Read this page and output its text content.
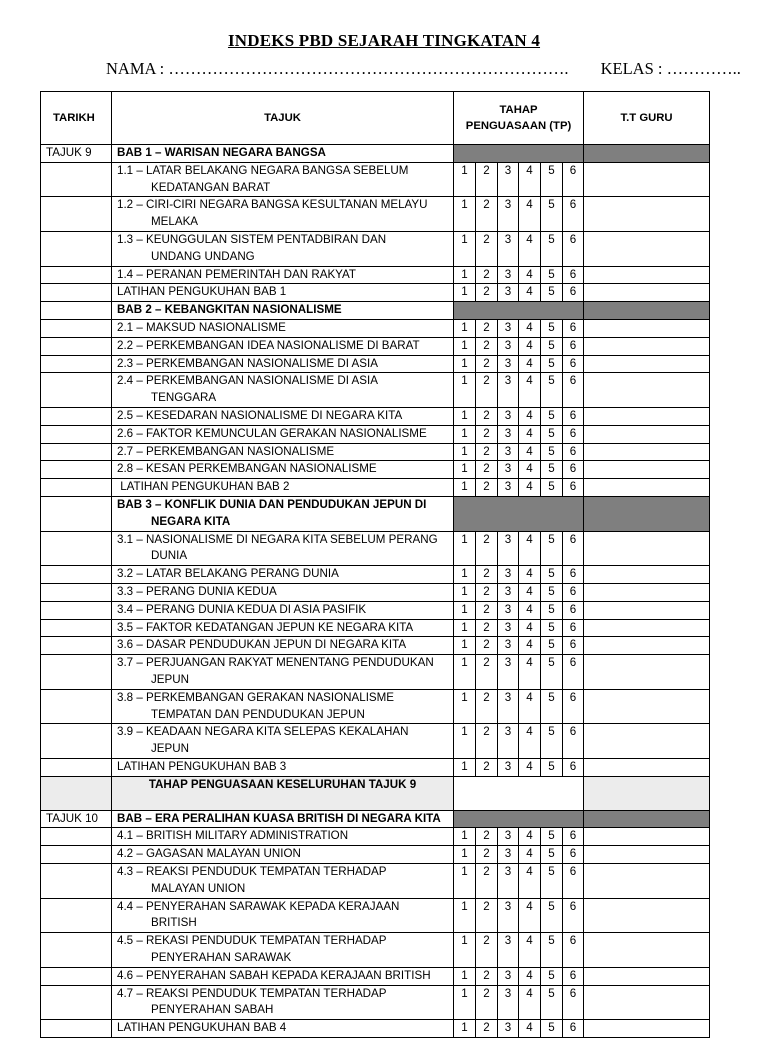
INDEKS PBD SEJARAH TINGKATAN 4
NAMA : ………………………………………………………………. KELAS : …………..
TARIKH	TAJUK	TAHAP
PENGUASAAN (TP)						T.T GURU
TAJUK 9	BAB 1 – WARISAN NEGARA BANGSA							
	1.1 – LATAR BELAKANG NEGARA BANGSA SEBELUM
KEDATANGAN BARAT	1	2	3	4	5	6	
	1.2 – CIRI-CIRI NEGARA BANGSA KESULTANAN MELAYU
MELAKA	1	2	3	4	5	6	
	1.3 – KEUNGGULAN SISTEM PENTADBIRAN DAN
UNDANG UNDANG	1	2	3	4	5	6	
	1.4 – PERANAN PEMERINTAH DAN RAKYAT	1	2	3	4	5	6	
	LATIHAN PENGUKUHAN BAB 1	1	2	3	4	5	6	
	BAB 2 – KEBANGKITAN NASIONALISME							
	2.1 – MAKSUD NASIONALISME	1	2	3	4	5	6	
	2.2 – PERKEMBANGAN IDEA NASIONALISME DI BARAT	1	2	3	4	5	6	
	2.3 – PERKEMBANGAN NASIONALISME DI ASIA	1	2	3	4	5	6	
	2.4 – PERKEMBANGAN NASIONALISME DI ASIA
TENGGARA	1	2	3	4	5	6	
	2.5 – KESEDARAN NASIONALISME DI NEGARA KITA	1	2	3	4	5	6	
	2.6 – FAKTOR KEMUNCULAN GERAKAN NASIONALISME	1	2	3	4	5	6	
	2.7 – PERKEMBANGAN NASIONALISME	1	2	3	4	5	6	
	2.8 – KESAN PERKEMBANGAN NASIONALISME	1	2	3	4	5	6	
	LATIHAN PENGUKUHAN BAB 2	1	2	3	4	5	6	
	BAB 3 – KONFLIK DUNIA DAN PENDUDUKAN JEPUN DI
NEGARA KITA							

	3.1 – NASIONALISME DI NEGARA KITA SEBELUM PERANG
DUNIA	1	2	3	4	5	6	
	3.2 – LATAR BELAKANG PERANG DUNIA	1	2	3	4	5	6	
	3.3 – PERANG DUNIA KEDUA	1	2	3	4	5	6	
	3.4 – PERANG DUNIA KEDUA DI ASIA PASIFIK	1	2	3	4	5	6	
	3.5 – FAKTOR KEDATANGAN JEPUN KE NEGARA KITA	1	2	3	4	5	6	
	3.6 – DASAR PENDUDUKAN JEPUN DI NEGARA KITA	1	2	3	4	5	6	
	3.7 – PERJUANGAN RAKYAT MENENTANG PENDUDUKAN
JEPUN	1	2	3	4	5	6	
	3.8 – PERKEMBANGAN GERAKAN NASIONALISME
TEMPATAN DAN PENDUDUKAN JEPUN	1	2	3	4	5	6	
	3.9 – KEADAAN NEGARA KITA SELEPAS KEKALAHAN
JEPUN	1	2	3	4	5	6	
	LATIHAN PENGUKUHAN BAB 3	1	2	3	4	5	6	
	TAHAP PENGUASAAN KESELURUHAN TAJUK 9							
TAJUK 10	BAB – ERA PERALIHAN KUASA BRITISH DI NEGARA KITA							
	4.1 – BRITISH MILITARY ADMINISTRATION	1	2	3	4	5	6	
	4.2 – GAGASAN MALAYAN UNION	1	2	3	4	5	6	
	4.3 – REAKSI PENDUDUK TEMPATAN TERHADAP
MALAYAN UNION	1	2	3	4	5	6	
	4.4 – PENYERAHAN SARAWAK KEPADA KERAJAAN
BRITISH	1	2	3	4	5	6	
	4.5 – REKASI PENDUDUK TEMPATAN TERHADAP
PENYERAHAN SARAWAK	1	2	3	4	5	6	
	4.6 – PENYERAHAN SABAH KEPADA KERAJAAN BRITISH	1	2	3	4	5	6	
	4.7 – REAKSI PENDUDUK TEMPATAN TERHADAP
PENYERAHAN SABAH	1	2	3	4	5	6	
	LATIHAN PENGUKUHAN BAB 4	1	2	3	4	5	6	
